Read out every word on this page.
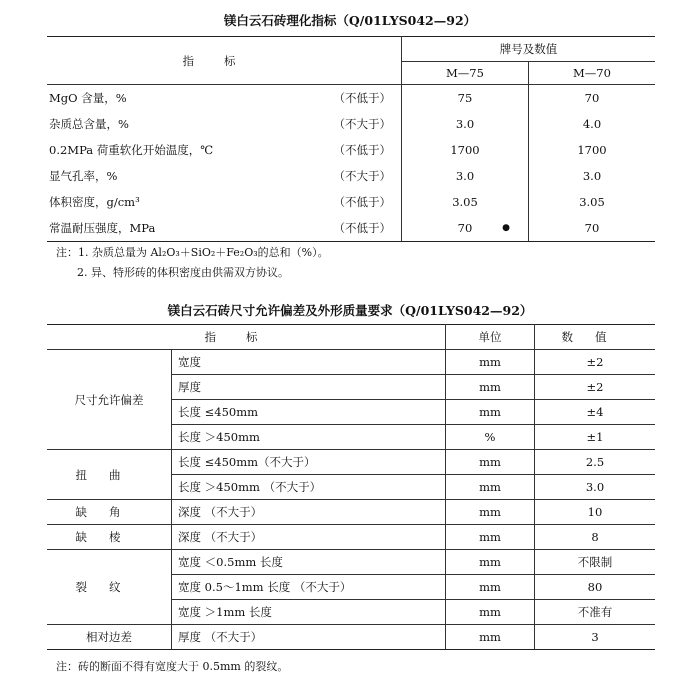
镁白云石砖理化指标（Q/01LYS042—92）
指标		牌号及数值	
		M—75	M—70
MgO 含量，%	（不低于）	75	70
杂质总含量，%	（不大于）	3.0	4.0
0.2MPa 荷重软化开始温度，℃	（不低于）	1700	1700
显气孔率，%	（不大于）	3.0	3.0
体积密度，g/cm³	（不低于）	3.05	3.05
常温耐压强度，MPa	（不低于）	70 ●	70
注：1. 杂质总量为 Al₂O₃＋SiO₂＋Fe₂O₃的总和（%）。
2. 异、特形砖的体积密度由供需双方协议。
镁白云石砖尺寸允许偏差及外形质量要求（Q/01LYS042—92）
指标		单位	数值
尺寸允许偏差	宽度	mm	±2
	厚度	mm	±2
	长度 ≤450mm	mm	±4
	长度 ＞450mm	%	±1
扭曲	长度 ≤450mm（不大于）	mm	2.5
	长度 ＞450mm （不大于）	mm	3.0
缺角	深度 （不大于）	mm	10
缺棱	深度 （不大于）	mm	8
裂纹	宽度 ＜0.5mm 长度	mm	不限制
	宽度 0.5～1mm 长度 （不大于）	mm	80
	宽度 ＞1mm 长度	mm	不准有
相对边差	厚度 （不大于）	mm	3
注：砖的断面不得有宽度大于 0.5mm 的裂纹。
